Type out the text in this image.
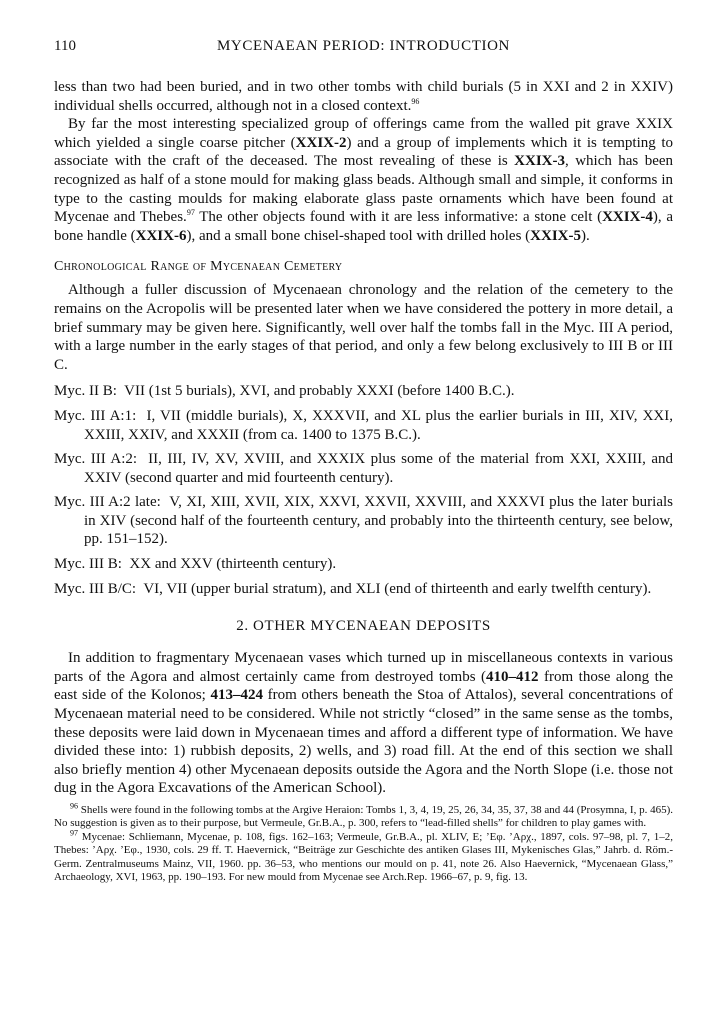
110	MYCENAEAN PERIOD: INTRODUCTION

less than two had been buried, and in two other tombs with child burials (5 in XXI and 2 in XXIV) individual shells occurred, although not in a closed context.$^{96}$

By far the most interesting specialized group of offerings came from the walled pit grave XXIX which yielded a single coarse pitcher (XXIX-2) and a group of implements which it is tempting to associate with the craft of the deceased. The most revealing of these is XXIX-3, which has been recognized as half of a stone mould for making glass beads. Although small and simple, it conforms in type to the casting moulds for making elaborate glass paste ornaments which have been found at Mycenae and Thebes.$^{97}$ The other objects found with it are less informative: a stone celt (XXIX-4), a bone handle (XXIX-6), and a small bone chisel-shaped tool with drilled holes (XXIX-5).

Chronological Range of Mycenaean Cemetery

Although a fuller discussion of Mycenaean chronology and the relation of the cemetery to the remains on the Acropolis will be presented later when we have considered the pottery in more detail, a brief summary may be given here. Significantly, well over half the tombs fall in the Myc. III A period, with a large number in the early stages of that period, and only a few belong exclusively to III B or III C.

Myc. II B: VII (1st 5 burials), XVI, and probably XXXI (before 1400 B.C.).
Myc. III A:1: I, VII (middle burials), X, XXXVII, and XL plus the earlier burials in III, XIV, XXI, XXIII, XXIV, and XXXII (from ca. 1400 to 1375 B.C.).
Myc. III A:2: II, III, IV, XV, XVIII, and XXXIX plus some of the material from XXI, XXIII, and XXIV (second quarter and mid fourteenth century).
Myc. III A:2 late: V, XI, XIII, XVII, XIX, XXVI, XXVII, XXVIII, and XXXVI plus the later burials in XIV (second half of the fourteenth century, and probably into the thirteenth century, see below, pp. 151–152).
Myc. III B: XX and XXV (thirteenth century).
Myc. III B/C: VI, VII (upper burial stratum), and XLI (end of thirteenth and early twelfth century).
2. OTHER MYCENAEAN DEPOSITS

In addition to fragmentary Mycenaean vases which turned up in miscellaneous contexts in various parts of the Agora and almost certainly came from destroyed tombs (410–412 from those along the east side of the Kolonos; 413–424 from others beneath the Stoa of Attalos), several concentrations of Mycenaean material need to be considered. While not strictly “closed” in the same sense as the tombs, these deposits were laid down in Mycenaean times and afford a different type of information. We have divided these into: 1) rubbish deposits, 2) wells, and 3) road fill. At the end of this section we shall also briefly mention 4) other Mycenaean deposits outside the Agora and the North Slope (i.e. those not dug in the Agora Excavations of the American School).

$^{96}$ Shells were found in the following tombs at the Argive Heraion: Tombs 1, 3, 4, 19, 25, 26, 34, 35, 37, 38 and 44 (Prosymna, I, p. 465). No suggestion is given as to their purpose, but Vermeule, Gr.B.A., p. 300, refers to “lead-filled shells” for children to play games with.

$^{97}$ Mycenae: Schliemann, Mycenae, p. 108, figs. 162–163; Vermeule, Gr.B.A., pl. XLIV, E; ’Εφ. ’Αρχ., 1897, cols. 97–98, pl. 7, 1–2, Thebes: ’Αρχ. ’Εφ., 1930, cols. 29 ff. T. Haevernick, “Beiträge zur Geschichte des antiken Glases III, Mykenisches Glas,” Jahrb. d. Röm.-Germ. Zentralmuseums Mainz, VII, 1960. pp. 36–53, who mentions our mould on p. 41, note 26. Also Haevernick, “Mycenaean Glass,” Archaeology, XVI, 1963, pp. 190–193. For new mould from Mycenae see Arch.Rep. 1966–67, p. 9, fig. 13.
